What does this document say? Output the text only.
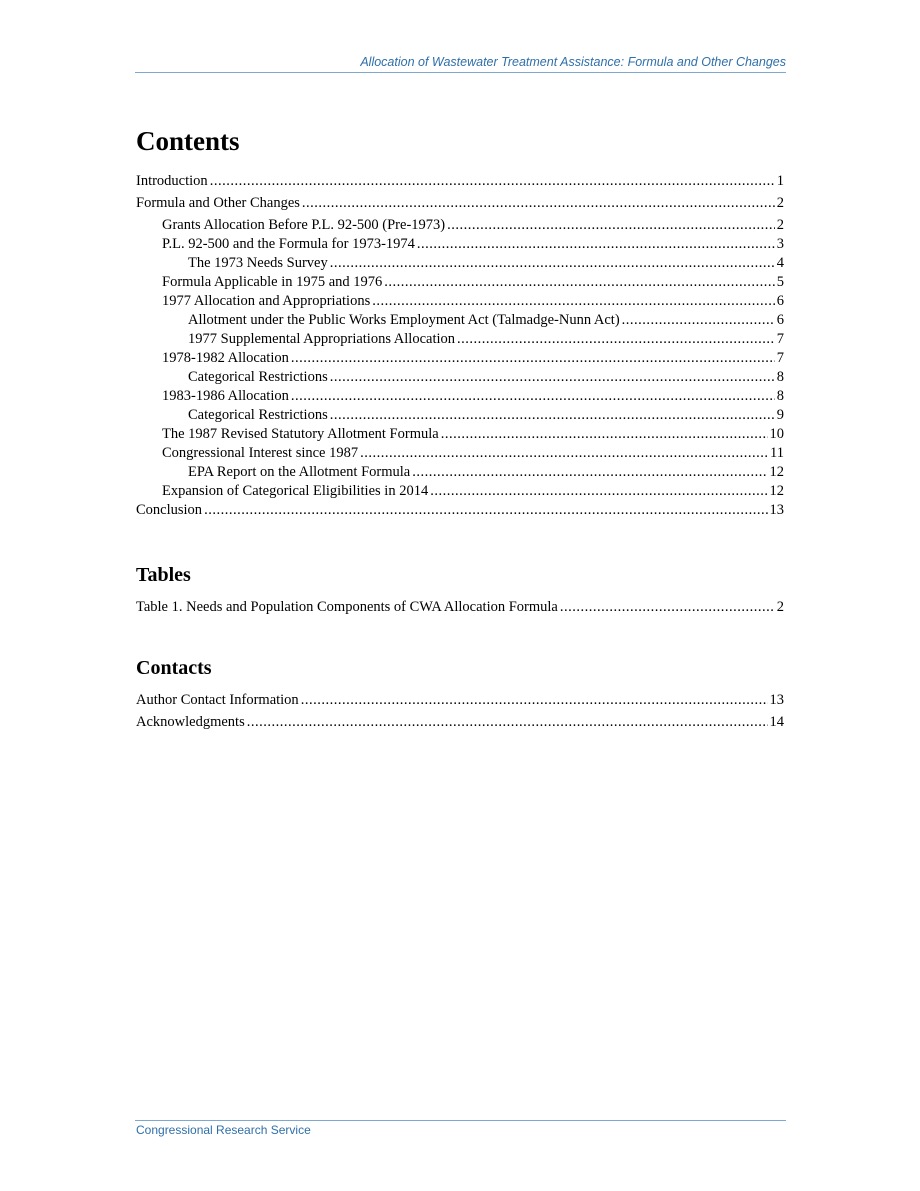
Allocation of Wastewater Treatment Assistance: Formula and Other Changes
Contents
Introduction .....	1
Formula and Other Changes .....	2
Grants Allocation Before P.L. 92-500 (Pre-1973) .....	2
P.L. 92-500 and the Formula for 1973-1974 .....	3
The 1973 Needs Survey .....	4
Formula Applicable in 1975 and 1976 .....	5
1977 Allocation and Appropriations .....	6
Allotment under the Public Works Employment Act (Talmadge-Nunn Act) .....	6
1977 Supplemental Appropriations Allocation .....	7
1978-1982 Allocation .....	7
Categorical Restrictions .....	8
1983-1986 Allocation .....	8
Categorical Restrictions .....	9
The 1987 Revised Statutory Allotment Formula .....	10
Congressional Interest since 1987 .....	11
EPA Report on the Allotment Formula .....	12
Expansion of Categorical Eligibilities in 2014 .....	12
Conclusion .....	13
Tables
Table 1. Needs and Population Components of CWA Allocation Formula .....	2
Contacts
Author Contact Information .....	13
Acknowledgments .....	14
Congressional Research Service
